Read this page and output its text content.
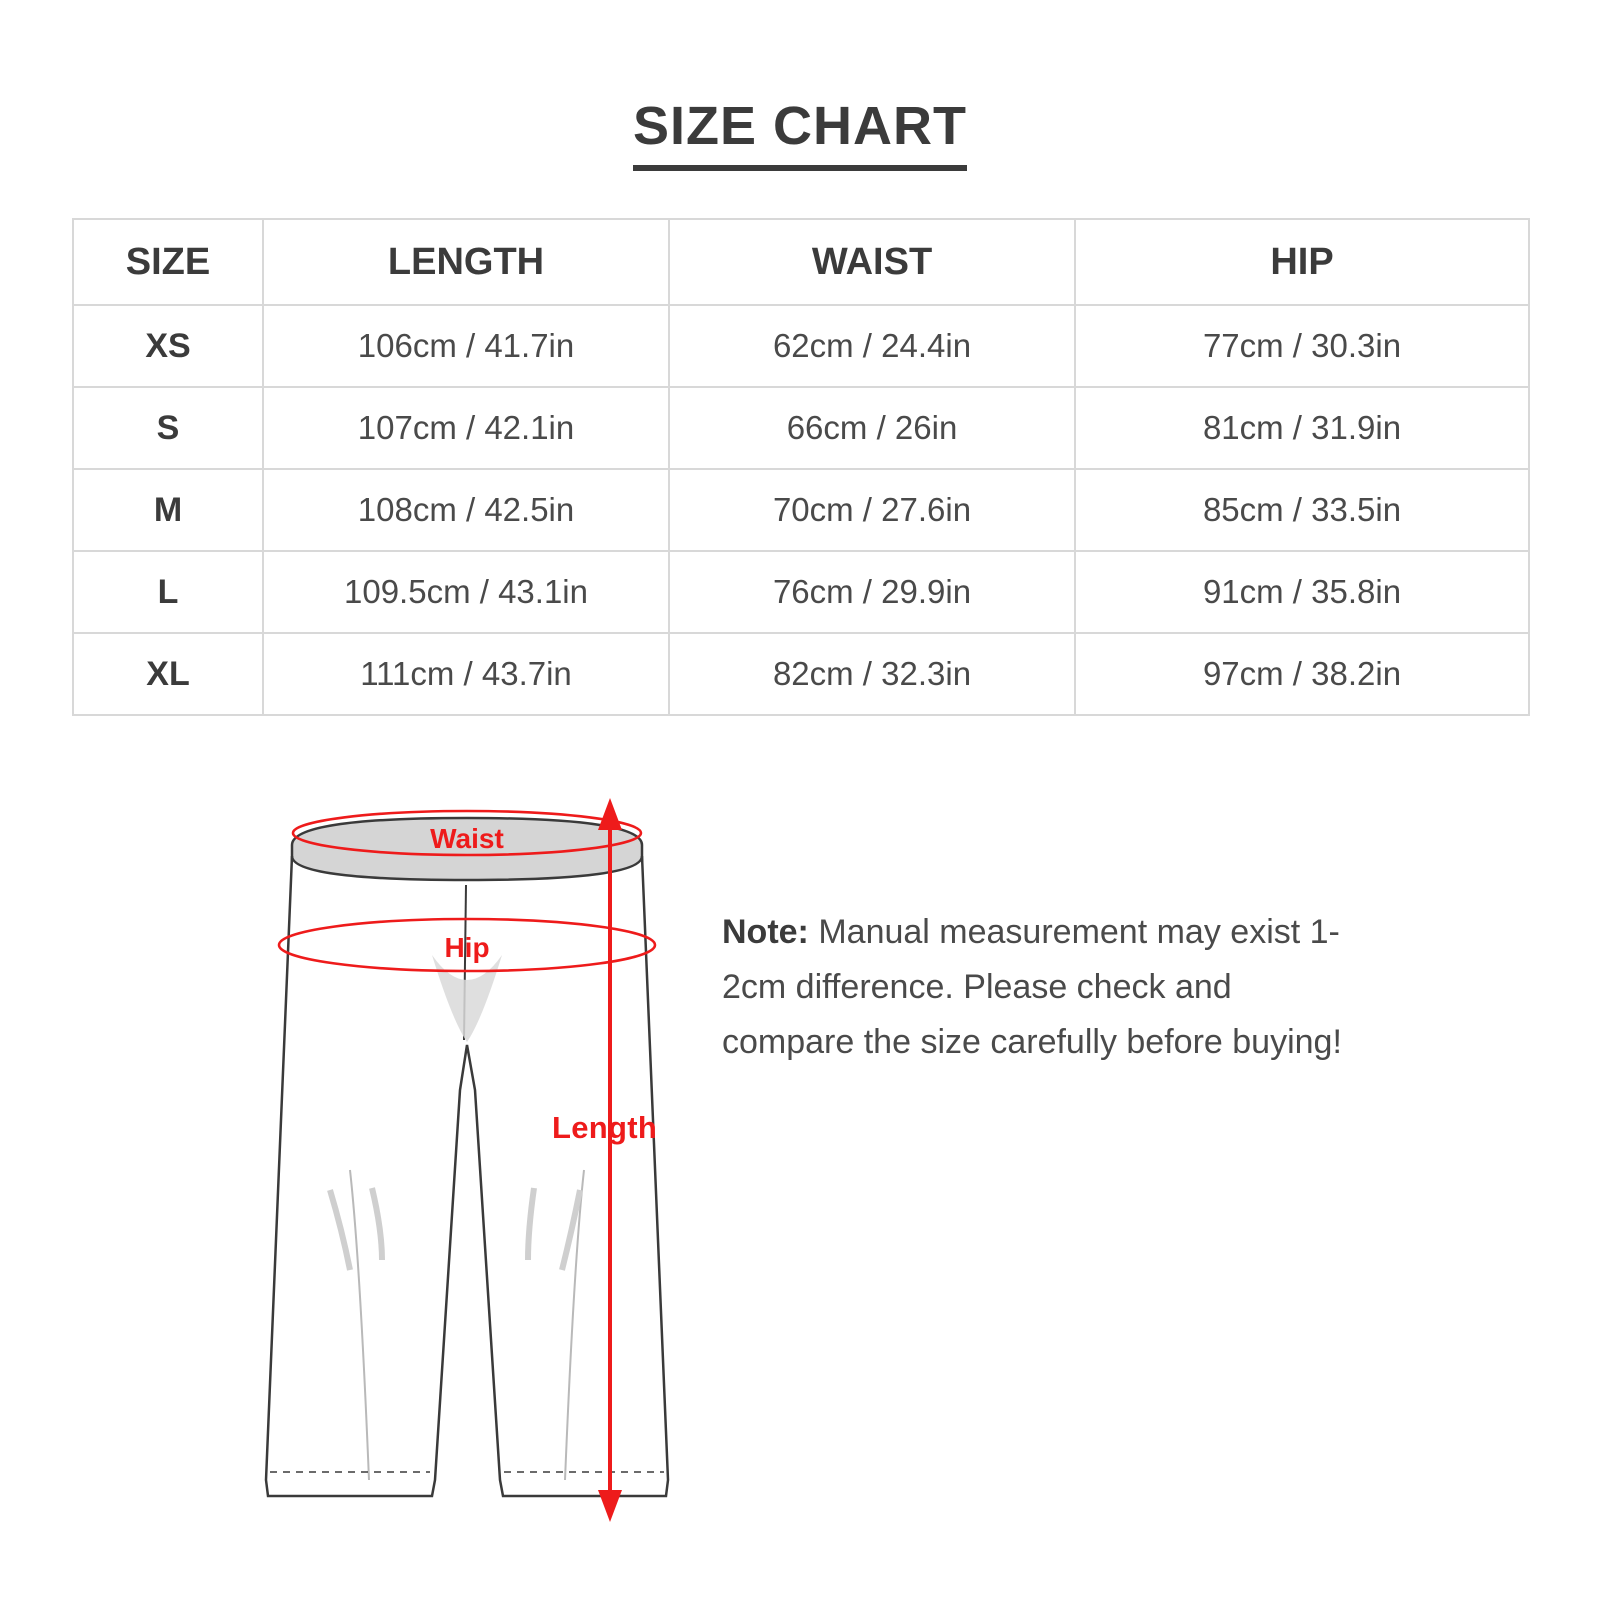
SIZE CHART
SIZE	LENGTH	WAIST	HIP
XS	106cm / 41.7in	62cm / 24.4in	77cm / 30.3in
S	107cm / 42.1in	66cm / 26in	81cm / 31.9in
M	108cm / 42.5in	70cm / 27.6in	85cm / 33.5in
L	109.5cm / 43.1in	76cm / 29.9in	91cm / 35.8in
XL	111cm / 43.7in	82cm / 32.3in	97cm / 38.2in
Waist
Hip
Length
Note: Manual measurement may exist 1-2cm difference. Please check and compare the size carefully before buying!
